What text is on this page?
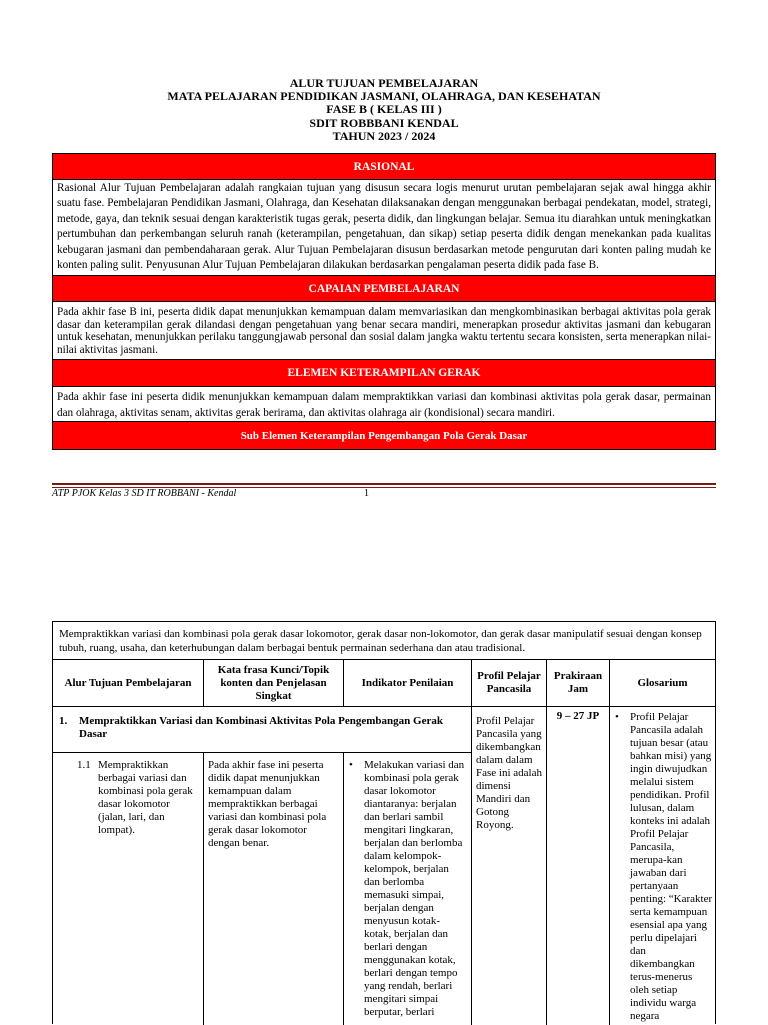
ALUR TUJUAN PEMBELAJARAN
MATA PELAJARAN PENDIDIKAN JASMANI, OLAHRAGA, DAN KESEHATAN
FASE B ( KELAS III )
SDIT ROBBBANI KENDAL
TAHUN 2023 / 2024
RASIONAL
Rasional Alur Tujuan Pembelajaran adalah rangkaian tujuan yang disusun secara logis menurut urutan pembelajaran sejak awal hingga akhir suatu fase. Pembelajaran Pendidikan Jasmani, Olahraga, dan Kesehatan dilaksanakan dengan menggunakan berbagai pendekatan, model, strategi, metode, gaya, dan teknik sesuai dengan karakteristik tugas gerak, peserta didik, dan lingkungan belajar. Semua itu diarahkan untuk meningkatkan pertumbuhan dan perkembangan seluruh ranah (keterampilan, pengetahuan, dan sikap) setiap peserta didik dengan menekankan pada kualitas kebugaran jasmani dan pembendaharaan gerak. Alur Tujuan Pembelajaran disusun berdasarkan metode pengurutan dari konten paling mudah ke konten paling sulit. Penyusunan Alur Tujuan Pembelajaran dilakukan berdasarkan pengalaman peserta didik pada fase B.
CAPAIAN PEMBELAJARAN
Pada akhir fase B ini, peserta didik dapat menunjukkan kemampuan dalam memvariasikan dan mengkombinasikan berbagai aktivitas pola gerak dasar dan keterampilan gerak dilandasi dengan pengetahuan yang benar secara mandiri, menerapkan prosedur aktivitas jasmani dan kebugaran untuk kesehatan, menunjukkan perilaku tanggungjawab personal dan sosial dalam jangka waktu tertentu secara konsisten, serta menerapkan nilai-nilai aktivitas jasmani.
ELEMEN KETERAMPILAN GERAK
Pada akhir fase ini peserta didik menunjukkan kemampuan dalam mempraktikkan variasi dan kombinasi aktivitas pola gerak dasar, permainan dan olahraga, aktivitas senam, aktivitas gerak berirama, dan aktivitas olahraga air (kondisional) secara mandiri.
Sub Elemen Keterampilan Pengembangan Pola Gerak Dasar
ATP PJOK Kelas 3 SD IT ROBBANI - Kendal	1
Mempraktikkan variasi dan kombinasi pola gerak dasar lokomotor, gerak dasar non-lokomotor, dan gerak dasar manipulatif sesuai dengan konsep tubuh, ruang, usaha, dan keterhubungan dalam berbagai bentuk permainan sederhana dan atau tradisional.
Alur Tujuan Pembelajaran
Kata frasa Kunci/Topik konten dan Penjelasan Singkat
Indikator Penilaian
Profil Pelajar Pancasila
Prakiraan Jam
Glosarium
1. Mempraktikkan Variasi dan Kombinasi Aktivitas Pola Pengembangan Gerak Dasar
1.1 Mempraktikkan berbagai variasi dan kombinasi pola gerak dasar lokomotor (jalan, lari, dan lompat).
Pada akhir fase ini peserta didik dapat menunjukkan kemampuan dalam mempraktikkan berbagai variasi dan kombinasi pola gerak dasar lokomotor dengan benar.
• Melakukan variasi dan kombinasi pola gerak dasar lokomotor diantaranya: berjalan dan berlari sambil mengitari lingkaran, berjalan dan berlomba dalam kelompok-kelompok, berjalan dan berlomba memasuki simpai, berjalan dengan menyusun kotak-kotak, berjalan dan berlari dengan menggunakan kotak, berlari dengan tempo yang rendah, berlari mengitari simpai berputar, berlari
Profil Pelajar Pancasila yang dikembangkan dalam dalam Fase ini adalah dimensi Mandiri dan Gotong Royong.
9 – 27 JP	• Profil Pelajar Pancasila adalah tujuan besar (atau bahkan misi) yang ingin diwujudkan melalui sistem pendidikan. Profil lulusan, dalam konteks ini adalah Profil Pelajar Pancasila, merupa-kan jawaban dari pertanyaan penting: “Karakter serta kemampuan esensial apa yang perlu dipelajari dan dikembangkan terus-menerus oleh setiap individu warga negara
